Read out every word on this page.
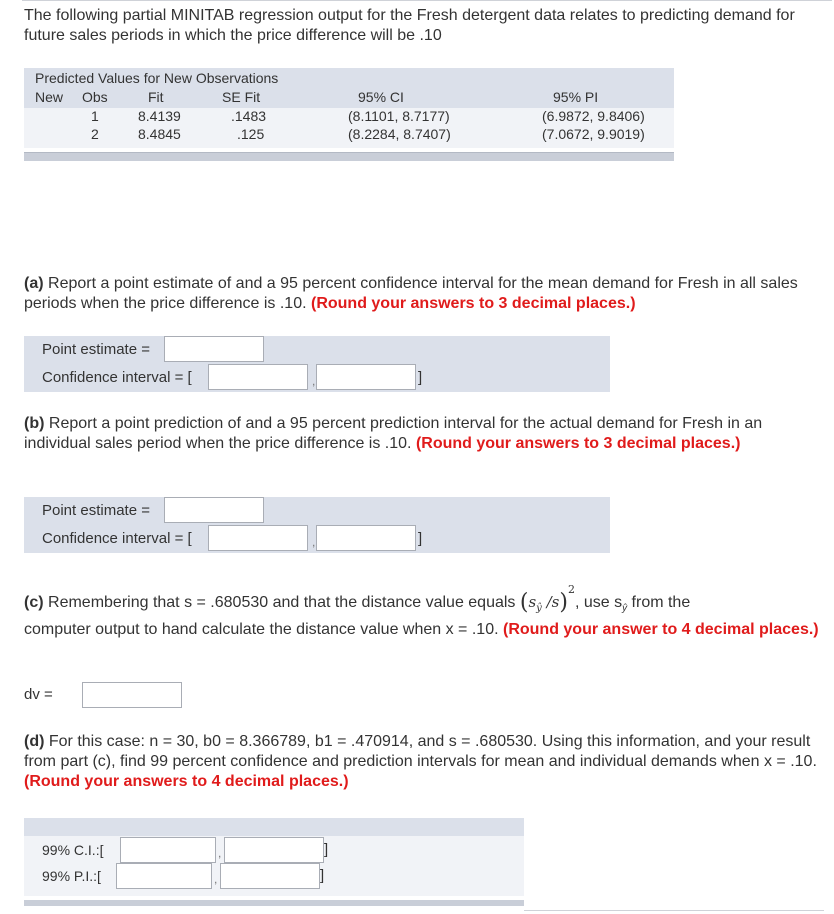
The following partial MINITAB regression output for the Fresh detergent data relates to predicting demand for future sales periods in which the price difference will be .10
Predicted Values for New Observations
New Obs	Fit	SE Fit	95% CI	95% PI
1	8.4139	.1483	(8.1101, 8.7177)	(6.9872, 9.8406)
2	8.4845	.125	(8.2284, 8.7407)	(7.0672, 9.9019)
(a) Report a point estimate of and a 95 percent confidence interval for the mean demand for Fresh in all sales periods when the price difference is .10. (Round your answers to 3 decimal places.)
Point estimate =
Confidence interval = [	,	]
(b) Report a point prediction of and a 95 percent prediction interval for the actual demand for Fresh in an individual sales period when the price difference is .10. (Round your answers to 3 decimal places.)
Point estimate =
Confidence interval = [	,	]
(c) Remembering that s = .680530 and that the distance value equals ($s_ŷ$ /s)$^2$, use $s_ŷ$ from the
computer output to hand calculate the distance value when x = .10. (Round your answer to 4 decimal places.)
dv =
(d) For this case: n = 30, b0 = 8.366789, b1 = .470914, and s = .680530. Using this information, and your result from part (c), find 99 percent confidence and prediction intervals for mean and individual demands when x = .10. (Round your answers to 4 decimal places.)
99% C.I.:[	,	]
99% P.I.:[	,	]
